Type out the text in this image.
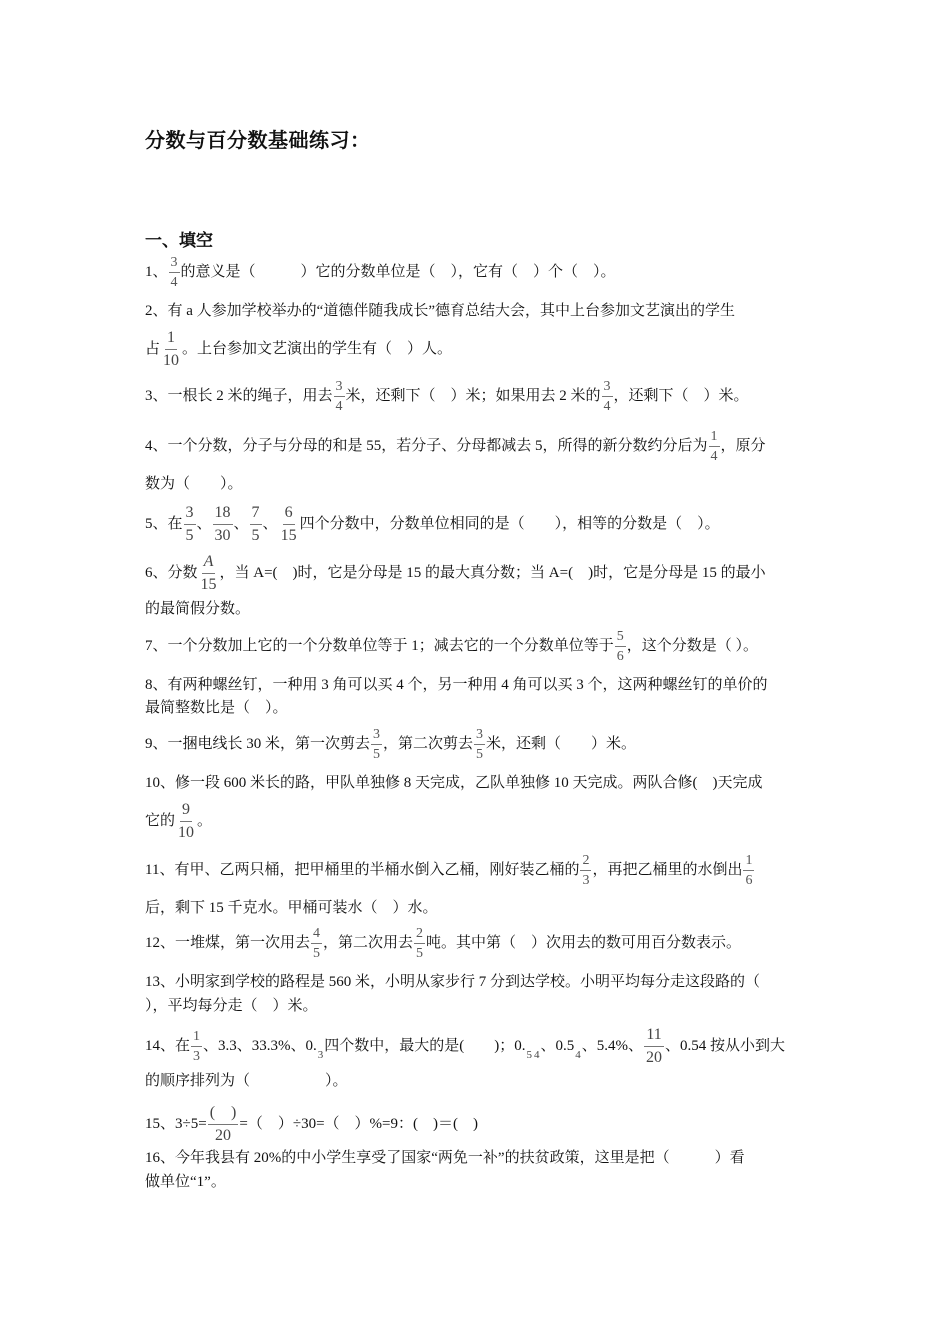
分数与百分数基础练习：
一、填空
1、 $\frac{3}{4}$ 的意义是（　　　）它的分数单位是（　），它有（　）个（　）。
2、有 a 人参加学校举办的“道德伴随我成长”德育总结大会，其中上台参加文艺演出的学生
占 $\frac{1}{10}$ 。上台参加文艺演出的学生有（　）人。
3、一根长 2 米的绳子，用去 $\frac{3}{4}$ 米，还剩下（　）米；如果用去 2 米的 $\frac{3}{4}$ ，还剩下（　）米。
4、一个分数，分子与分母的和是 55，若分子、分母都减去 5，所得的新分数约分后为 $\frac{1}{4}$ ，原分
数为（　　）。
5、在 $\frac{3}{5}$ 、 $\frac{18}{30}$ 、 $\frac{7}{5}$ 、 $\frac{6}{15}$ 四个分数中，分数单位相同的是（　　），相等的分数是（　）。
6、分数 $\frac{A}{15}$ ，当 A=(　)时，它是分母是 15 的最大真分数；当 A=(　)时，它是分母是 15 的最小
的最简假分数。
7、一个分数加上它的一个分数单位等于 1；减去它的一个分数单位等于 $\frac{5}{6}$ ，这个分数是（ ）。
8、有两种螺丝钉，一种用 3 角可以买 4 个，另一种用 4 角可以买 3 个，这两种螺丝钉的单价的
最简整数比是（　）。
9、一捆电线长 30 米，第一次剪去 $\frac{3}{5}$ ，第二次剪去 $\frac{3}{5}$ 米，还剩（　　）米。
10、修一段 600 米长的路，甲队单独修 8 天完成，乙队单独修 10 天完成。两队合修(　)天完成
它的 $\frac{9}{10}$ 。
11、有甲、乙两只桶，把甲桶里的半桶水倒入乙桶，刚好装乙桶的 $\frac{2}{3}$ ，再把乙桶里的水倒出 $\frac{1}{6}$
后，剩下 15 千克水。甲桶可装水（　）水。
12、一堆煤，第一次用去 $\frac{4}{5}$ ，第二次用去 $\frac{2}{5}$ 吨。其中第（　）次用去的数可用百分数表示。
13、小明家到学校的路程是 560 米，小明从家步行 7 分到达学校。小明平均每分走这段路的（
），平均每分走（　）米。
14、在 $\frac{1}{3}$ 、3.3、33.3%、0.

3
四个数中，最大的是(　　)；0.

5
4
、0.5

4
、5.4%、 $\frac{11}{20}$ 、0.54 按从小到大
的顺序排列为（　　　　　）。
15、$3\div 5= \frac{( )}{20}$ =（　）÷30=（　）%=9：(　)＝(　)
16、今年我县有 20%的中小学生享受了国家“两免一补”的扶贫政策，这里是把（　　　）看
做单位“1”。
